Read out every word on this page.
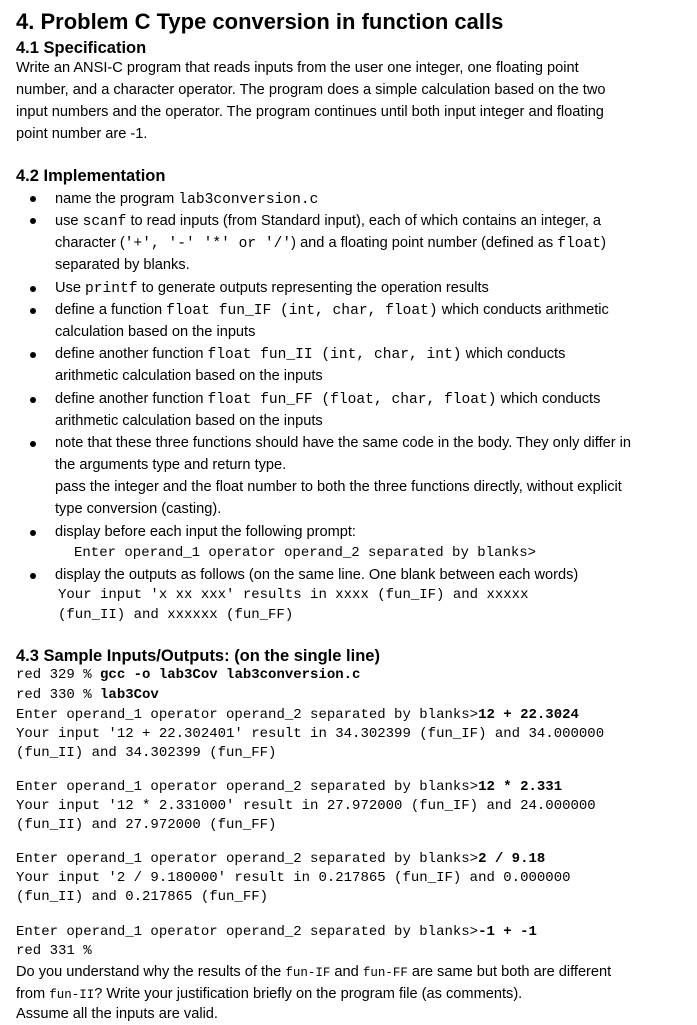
4. Problem C Type conversion in function calls
4.1 Specification
Write an ANSI-C program that reads inputs from the user one integer, one floating point
number, and a character operator. The program does a simple calculation based on the two
input numbers and the operator. The program continues until both input integer and floating
point number are -1.
4.2 Implementation
name the program lab3conversion.c
use scanf to read inputs (from Standard input), each of which contains an integer, a
character ('+', '-' '*' or '/') and a floating point number (defined as float)
separated by blanks.
Use printf to generate outputs representing the operation results
define a function float fun_IF (int, char, float) which conducts arithmetic
calculation based on the inputs
define another function float fun_II (int, char, int) which conducts
arithmetic calculation based on the inputs
define another function float fun_FF (float, char, float) which conducts
arithmetic calculation based on the inputs
note that these three functions should have the same code in the body. They only differ in
the arguments type and return type.
pass the integer and the float number to both the three functions directly, without explicit
type conversion (casting).
display before each input the following prompt:
Enter operand_1 operator operand_2 separated by blanks>
display the outputs as follows (on the same line. One blank between each words)
Your input 'x xx xxx' results in xxxx (fun_IF) and xxxxx
(fun_II) and xxxxxx (fun_FF)
4.3 Sample Inputs/Outputs: (on the single line)
red 329 % gcc -o lab3Cov lab3conversion.c
red 330 % lab3Cov
Enter operand_1 operator operand_2 separated by blanks>12 + 22.3024
Your input '12 + 22.302401' result in 34.302399 (fun_IF) and 34.000000
(fun_II) and 34.302399 (fun_FF)
Enter operand_1 operator operand_2 separated by blanks>12 * 2.331
Your input '12 * 2.331000' result in 27.972000 (fun_IF) and 24.000000
(fun_II) and 27.972000 (fun_FF)
Enter operand_1 operator operand_2 separated by blanks>2 / 9.18
Your input '2 / 9.180000' result in 0.217865 (fun_IF) and 0.000000
(fun_II) and 0.217865 (fun_FF)
Enter operand_1 operator operand_2 separated by blanks>-1 + -1
red 331 %
Do you understand why the results of the fun-IF and fun-FF are same but both are different
from fun-II? Write your justification briefly on the program file (as comments).
Assume all the inputs are valid.
